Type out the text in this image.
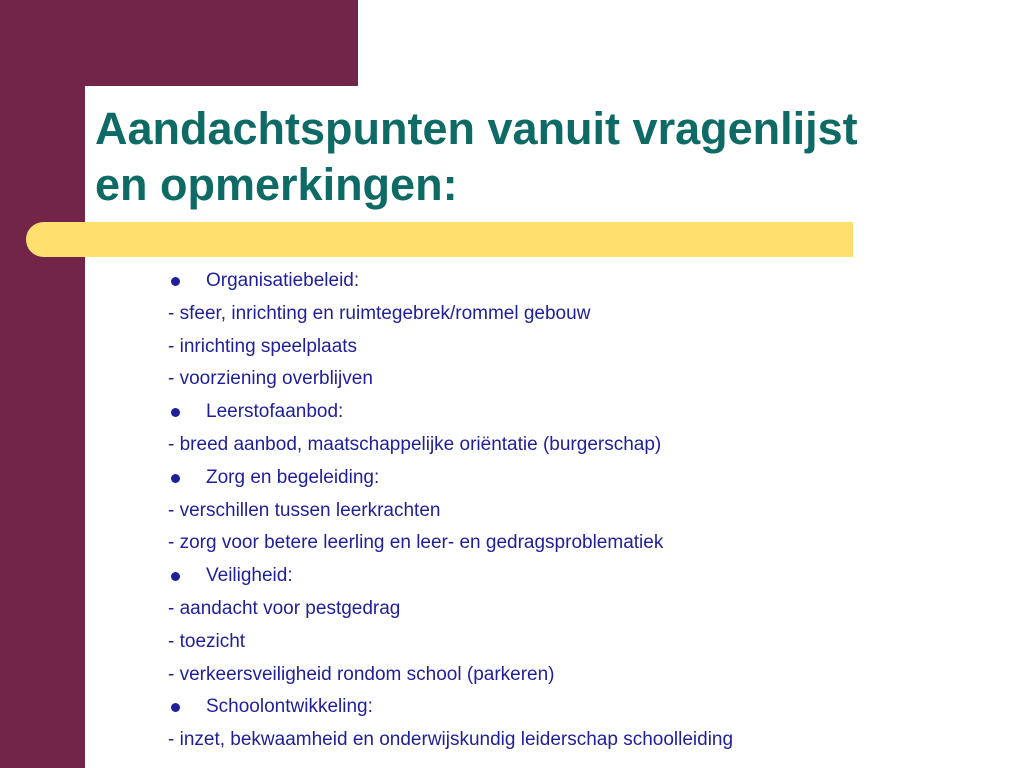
Aandachtspunten vanuit vragenlijst
en opmerkingen:
Organisatiebeleid:
- sfeer, inrichting en ruimtegebrek/rommel gebouw
- inrichting speelplaats
- voorziening overblijven
Leerstofaanbod:
- breed aanbod, maatschappelijke oriëntatie (burgerschap)
Zorg en begeleiding:
- verschillen tussen leerkrachten
- zorg voor betere leerling en leer- en gedragsproblematiek
Veiligheid:
- aandacht voor pestgedrag
- toezicht
- verkeersveiligheid rondom school (parkeren)
Schoolontwikkeling:
- inzet, bekwaamheid en onderwijskundig leiderschap schoolleiding
